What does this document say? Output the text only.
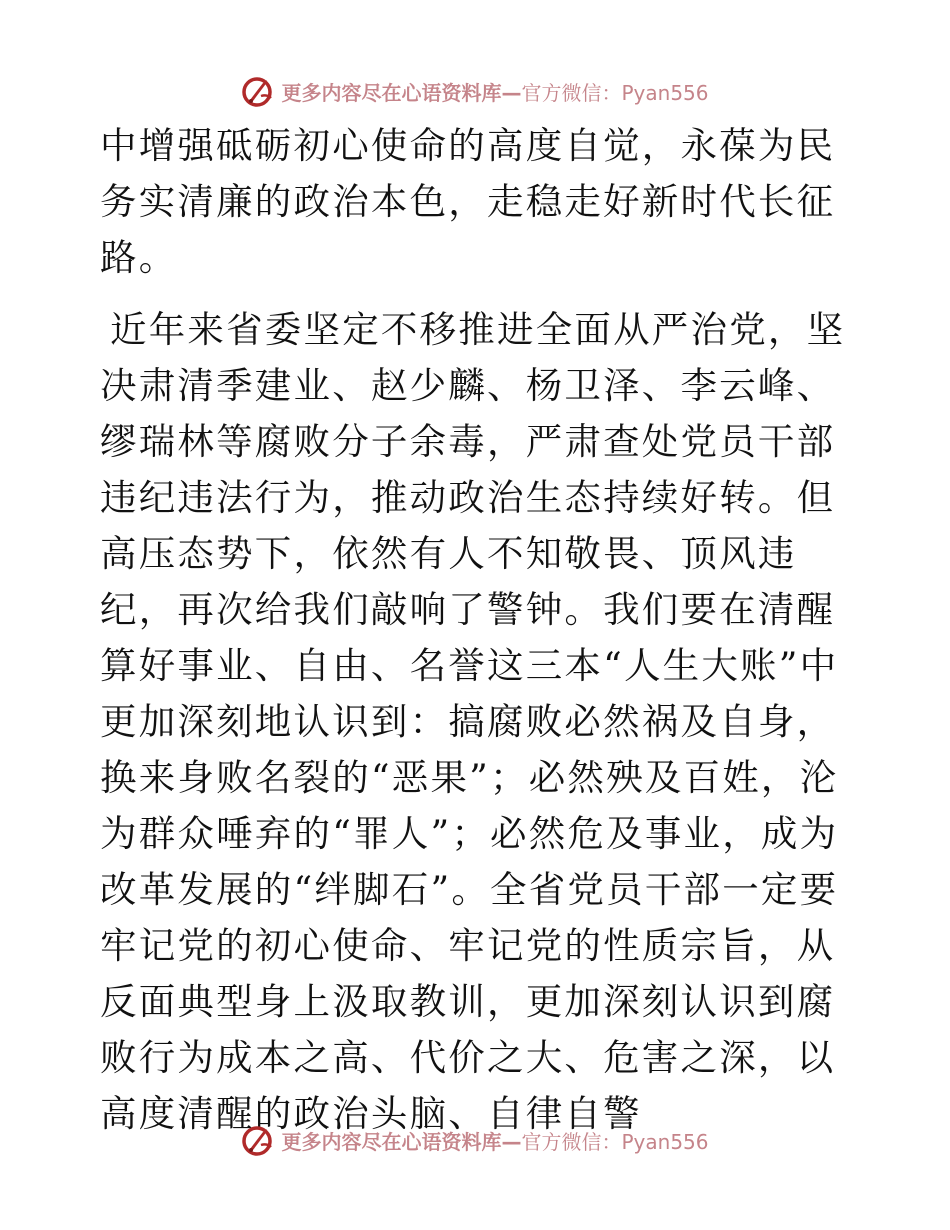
更多内容尽在心语资料库—官方微信：Pyan556

中增强砥砺初心使命的高度自觉，永葆为民务实清廉的政治本色，走稳走好新时代长征路。

近年来省委坚定不移推进全面从严治党，坚决肃清季建业、赵少麟、杨卫泽、李云峰、缪瑞林等腐败分子余毒，严肃查处党员干部违纪违法行为，推动政治生态持续好转。但高压态势下，依然有人不知敬畏、顶风违纪，再次给我们敲响了警钟。我们要在清醒算好事业、自由、名誉这三本“人生大账”中更加深刻地认识到：搞腐败必然祸及自身，换来身败名裂的“恶果”；必然殃及百姓，沦为群众唾弃的“罪人”；必然危及事业，成为改革发展的“绊脚石”。全省党员干部一定要牢记党的初心使命、牢记党的性质宗旨，从反面典型身上汲取教训，更加深刻认识到腐败行为成本之高、代价之大、危害之深，以高度清醒的政治头脑、自律自警

更多内容尽在心语资料库—官方微信：Pyan556
